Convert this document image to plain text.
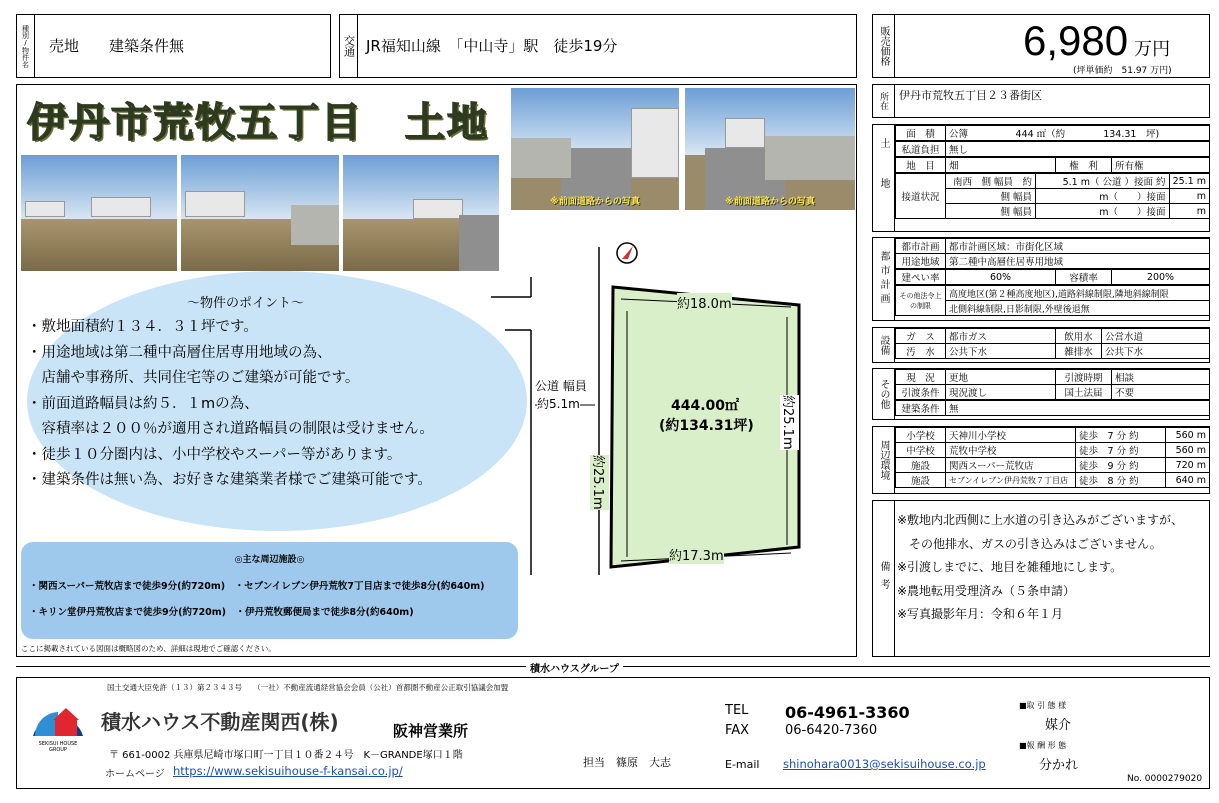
種別/物件名	売地　　建築条件無	交通 JR福知山線　「中山寺」駅　徒歩19分	販売価格	6,980 万円
(坪単価約　51.97 万円)
伊丹市荒牧五丁目　土地
※前面道路からの写真	※前面道路からの写真
～物件のポイント～
・敷地面積約１３４．３１坪です。
・用途地域は第二種中高層住居専用地域の為、
　店舗や事務所、共同住宅等のご建築が可能です。
・前面道路幅員は約５．１mの為、
　容積率は２００％が適用され道路幅員の制限は受けません。
・徒歩１０分圏内は、小中学校やスーパー等があります。
・建築条件は無い為、お好きな建築業者様でご建築可能です。
◎主な周辺施設◎
・関西スーパー荒牧店まで徒歩9分(約720m)　・セブンイレブン伊丹荒牧7丁目店まで徒歩8分(約640m)
・キリン堂伊丹荒牧店まで徒歩9分(約720m)　・伊丹荒牧郵便局まで徒歩8分(約640m)
ここに掲載されている図面は概略図のため、詳細は現地でご確認ください。
約18.0m
約17.3m
約25.1m
約25.1m
444.00㎡
(約134.31坪)
公道 幅員
約5.1m
所在	伊丹市荒牧五丁目２３番街区
土地
面　積	公簿　　　　　	444 ㎡（約　　　　	134.31　坪)
私道負担	無し
地　目	畑	権　利	所有権
接道状況	南西　側 幅員　約	5.1 m（ 公道 ）接面 約	25.1 m
	側 幅員	m（　　）接面	m
	側 幅員	m（　　）接面	m
都市計画
都市計画	都市計画区域：市街化区域
用途地域	第二種中高層住居専用地域
建ぺい率	60%	容積率	200%
その他法令上の制限	高度地区(第２種高度地区),道路斜線制限,隣地斜線制限
北側斜線制限,日影制限,外壁後退無
設備	ガ　ス	都市ガス	飲用水	公営水道
汚　水	公共下水	雑排水	公共下水
その他
現　況	更地	引渡時期	相談
引渡条件	現況渡し	国土法届	不要
建築条件	無
周辺環境
小学校	天神川小学校	徒歩　7 分 約	560 m
中学校	荒牧中学校	徒歩　7 分 約	560 m
施設	関西スーパー荒牧店	徒歩　9 分 約	720 m
施設	セブンイレブン伊丹荒牧７丁目店	徒歩　8 分 約	640 m
備考
※敷地内北西側に上水道の引き込みがございますが、
　その他排水、ガスの引き込みはございません。
※引渡しまでに、地目を雑種地にします。
※農地転用受理済み（５条申請）
※写真撮影年月：令和６年１月
積水ハウスグループ
国土交通大臣免許（１３）第２３４３号　　（一社）不動産流通経営協会会員（公社）首都圏不動産公正取引協議会加盟
SEKISUI HOUSE GROUP
積水ハウス不動産関西(株)	阪神営業所
〒 661-0002 兵庫県尼崎市塚口町一丁目１０番２４号　K－GRANDE塚口１階
ホームページ https://www.sekisuihouse-f-kansai.co.jp/
担当　篠原　大志
TEL 06-4961-3360
FAX	06-6420-7360
E-mail shinohara0013@sekisuihouse.co.jp
■取 引 態 様
媒介
■報 酬 形 態
分かれ
No. 0000279020
